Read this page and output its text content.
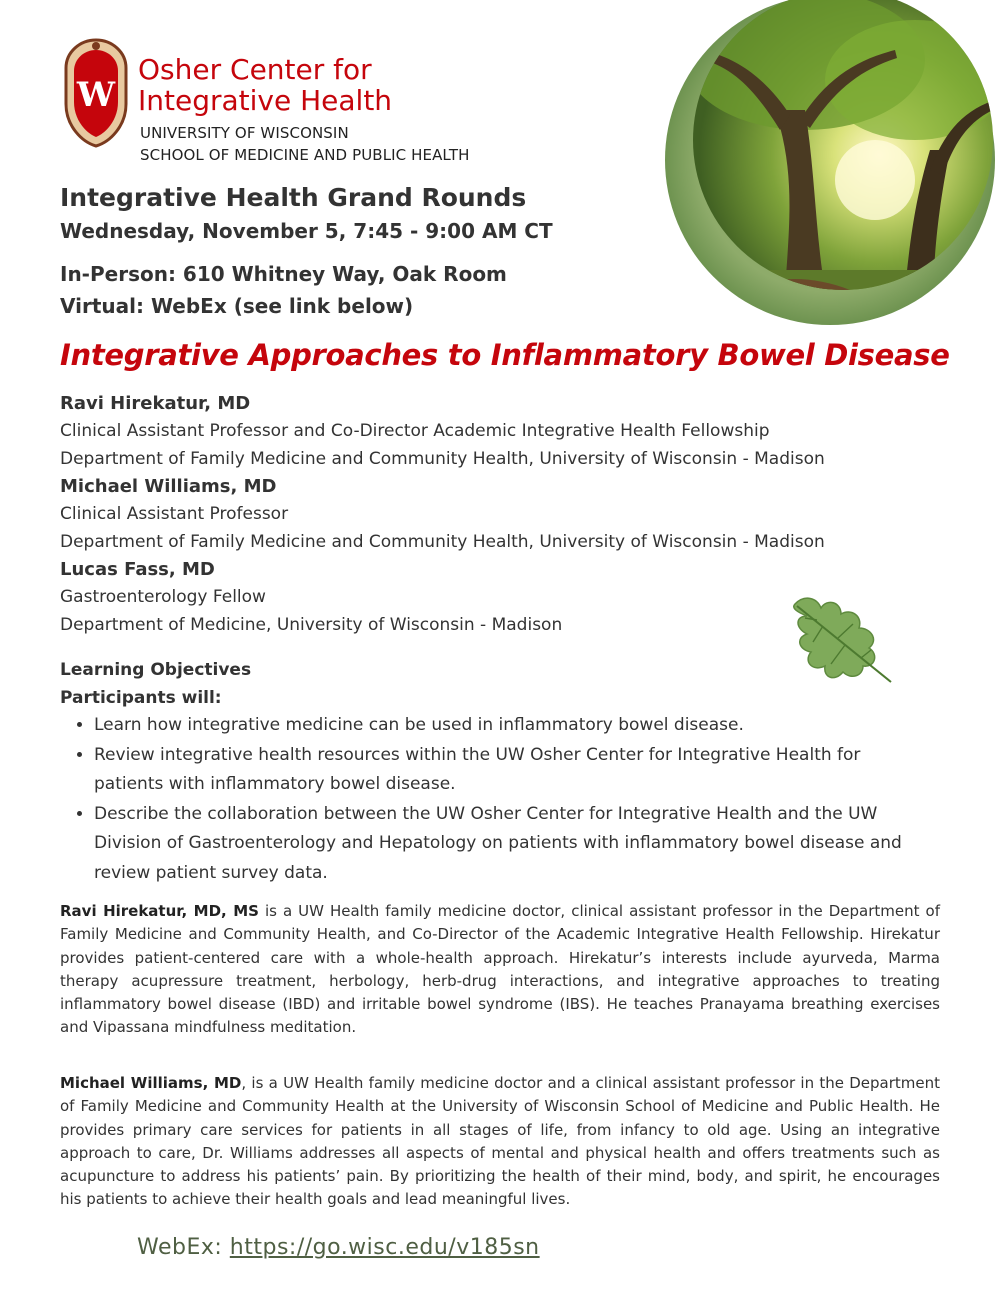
W
Osher Center for
Integrative Health
UNIVERSITY OF WISCONSIN
SCHOOL OF MEDICINE AND PUBLIC HEALTH
Integrative Health Grand Rounds
Wednesday, November 5, 7:45 - 9:00 AM CT
In-Person: 610 Whitney Way, Oak Room
Virtual: WebEx (see link below)
Integrative Approaches to Inflammatory Bowel Disease
Ravi Hirekatur, MD
Clinical Assistant Professor and Co-Director Academic Integrative Health Fellowship
Department of Family Medicine and Community Health, University of Wisconsin - Madison
Michael Williams, MD
Clinical Assistant Professor
Department of Family Medicine and Community Health, University of Wisconsin - Madison
Lucas Fass, MD
Gastroenterology Fellow
Department of Medicine, University of Wisconsin - Madison
Learning Objectives
Participants will:
• Learn how integrative medicine can be used in inflammatory bowel disease.
• Review integrative health resources within the UW Osher Center for Integrative Health for patients with inflammatory bowel disease.
• Describe the collaboration between the UW Osher Center for Integrative Health and the UW Division of Gastroenterology and Hepatology on patients with inflammatory bowel disease and review patient survey data.
Ravi Hirekatur, MD, MS is a UW Health family medicine doctor, clinical assistant professor in the Department of Family Medicine and Community Health, and Co-Director of the Academic Integrative Health Fellowship. Hirekatur provides patient-centered care with a whole-health approach. Hirekatur’s interests include ayurveda, Marma therapy acupressure treatment, herbology, herb-drug interactions, and integrative approaches to treating inflammatory bowel disease (IBD) and irritable bowel syndrome (IBS). He teaches Pranayama breathing exercises and Vipassana mindfulness meditation.
Michael Williams, MD, is a UW Health family medicine doctor and a clinical assistant professor in the Department of Family Medicine and Community Health at the University of Wisconsin School of Medicine and Public Health. He provides primary care services for patients in all stages of life, from infancy to old age. Using an integrative approach to care, Dr. Williams addresses all aspects of mental and physical health and offers treatments such as acupuncture to address his patients’ pain. By prioritizing the health of their mind, body, and spirit, he encourages his patients to achieve their health goals and lead meaningful lives.
WebEx: https://go.wisc.edu/v185sn
